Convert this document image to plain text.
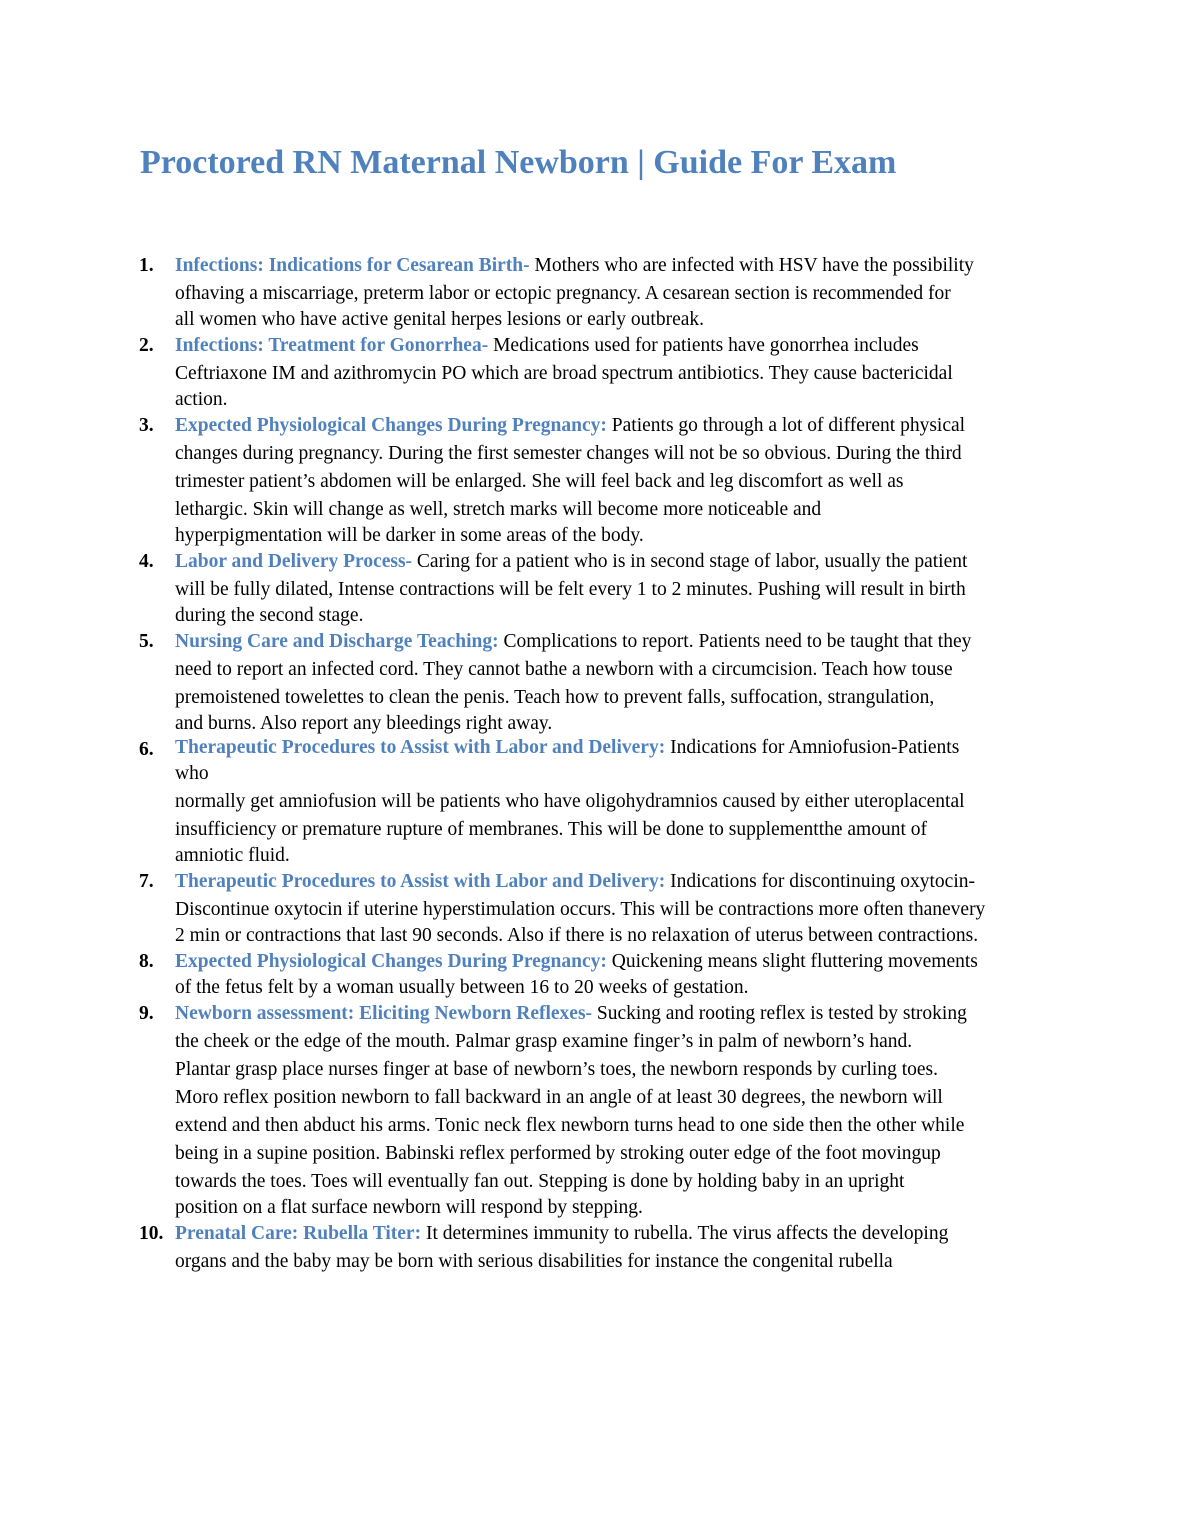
Proctored RN Maternal Newborn | Guide For Exam
1. Infections: Indications for Cesarean Birth- Mothers who are infected with HSV have the possibility
ofhaving a miscarriage, preterm labor or ectopic pregnancy. A cesarean section is recommended for
all women who have active genital herpes lesions or early outbreak.
2. Infections: Treatment for Gonorrhea- Medications used for patients have gonorrhea includes
Ceftriaxone IM and azithromycin PO which are broad spectrum antibiotics. They cause bactericidal
action.
3. Expected Physiological Changes During Pregnancy: Patients go through a lot of different physical
changes during pregnancy. During the first semester changes will not be so obvious. During the third
trimester patient’s abdomen will be enlarged. She will feel back and leg discomfort as well as
lethargic. Skin will change as well, stretch marks will become more noticeable and
hyperpigmentation will be darker in some areas of the body.
4. Labor and Delivery Process- Caring for a patient who is in second stage of labor, usually the patient
will be fully dilated, Intense contractions will be felt every 1 to 2 minutes. Pushing will result in birth
during the second stage.
5. Nursing Care and Discharge Teaching: Complications to report. Patients need to be taught that they
need to report an infected cord. They cannot bathe a newborn with a circumcision. Teach how touse
premoistened towelettes to clean the penis. Teach how to prevent falls, suffocation, strangulation,
and burns. Also report any bleedings right away.
6. Therapeutic Procedures to Assist with Labor and Delivery: Indications for Amniofusion-Patients
who
normally get amniofusion will be patients who have oligohydramnios caused by either uteroplacental
insufficiency or premature rupture of membranes. This will be done to supplementthe amount of
amniotic fluid.
7. Therapeutic Procedures to Assist with Labor and Delivery: Indications for discontinuing oxytocin-
Discontinue oxytocin if uterine hyperstimulation occurs. This will be contractions more often thanevery
2 min or contractions that last 90 seconds. Also if there is no relaxation of uterus between contractions.
8. Expected Physiological Changes During Pregnancy: Quickening means slight fluttering movements
of the fetus felt by a woman usually between 16 to 20 weeks of gestation.
9. Newborn assessment: Eliciting Newborn Reflexes- Sucking and rooting reflex is tested by stroking
the cheek or the edge of the mouth. Palmar grasp examine finger’s in palm of newborn’s hand.
Plantar grasp place nurses finger at base of newborn’s toes, the newborn responds by curling toes.
Moro reflex position newborn to fall backward in an angle of at least 30 degrees, the newborn will
extend and then abduct his arms. Tonic neck flex newborn turns head to one side then the other while
being in a supine position. Babinski reflex performed by stroking outer edge of the foot movingup
towards the toes. Toes will eventually fan out. Stepping is done by holding baby in an upright
position on a flat surface newborn will respond by stepping.
10. Prenatal Care: Rubella Titer: It determines immunity to rubella. The virus affects the developing
organs and the baby may be born with serious disabilities for instance the congenital rubella
